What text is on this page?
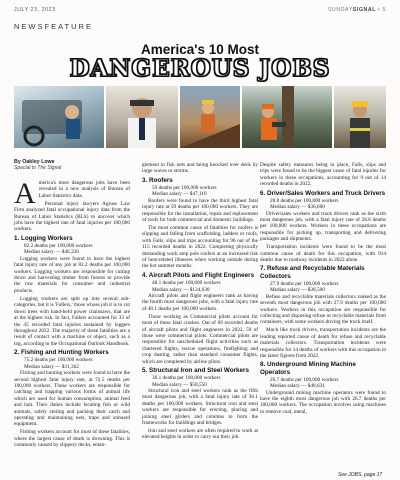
JULY 23, 2023	SUNDAYSIGNAL • 5
NEWSFEATURE
America's 10 Most
DANGEROUS JOBS
By Oakley Lowe
Special to The Signal

America's most dangerous jobs have been revealed in a new analysis of Bureau of Labor Statistics data.

Personal injury lawyers Agruss Law Firm analyzed fatal occupational injury data from the Bureau of Labor Statistics (BLS) to uncover which jobs have the highest rate of fatal injuries per 100,000 workers.

1. Logging Workers
82.2 deaths per 100,000 workers
Median salary — $46,330

Logging workers were found to have the highest fatal injury rate of any job at 82.2 deaths per 100,000 workers. Logging workers are responsible for cutting down and harvesting timber from forests to provide the raw materials for consumer and industrial products.

Logging workers are split up into several sub-categories, but it is 'Fallers,' those whose job it is to cut down trees with hand-held power chainsaws, that are at the highest risk. In fact, Fallers accounted for 33 of the 45 recorded fatal injuries sustained by loggers throughout 2022. The majority of these fatalities are a result of contact with a machine or object, such as a log, according to the Occupational Outlook Handbook.

2. Fishing and Hunting Workers
75.2 deaths per 100,000 workers
Median salary — $31,362

Fishing and hunting workers were found to have the second highest fatal injury rate, at 72.5 deaths per 100,000 workers. These workers are responsible for catching and trapping various forms of animal life which are used for human consumption, animal feed and bait. Their duties include locating fish or wild animals, safely storing and packing their catch and operating and maintaining nets, traps and onboard equipment.

Fishing workers account for most of these fatalities, where the largest cause of death is drowning. This is commonly caused by slippery decks, entan-

glement in fish nets and being knocked over deck by large waves or storms.

3. Roofers
59 deaths per 100,000 workers
Median salary — $47,110

Roofers were found to have the third highest fatal injury rate at 59 deaths per 100,000 workers. They are responsible for the installation, repair and replacement of roofs for both commercial and domestic buildings.

The most common cause of fatalities for roofers is slipping and falling from scaffolding, ladders or roofs, with Falls, slips and trips accounting for 96 out of the 115 recorded deaths in 2022. Completing physically demanding work atop pole roofers at an increased risk of heat-related illnesses when working outside during the hot summer months.

4. Aircraft Pilots and Flight Engineers
48.1 deaths per 100,000 workers
Median salary — $134,630

Aircraft pilots and flight engineers rank as having the fourth most dangerous jobs, with a fatal injury rate of 48.1 deaths per 100,000 workers.

Those working as Commercial pilots account for most of these fatal crashes. Out of 69 recorded deaths of aircraft pilots and flight engineers in 2022, 59 of those were commercial pilots. Commercial pilots are responsible for unscheduled flight activities such as chartered flights, rescue operations, firefighting and crop dusting, rather than standard consumer flights, which are completed by airline pilots.

5. Structural Iron and Steel Workers
36.1 deaths per 100,000 workers
Median salary — $58,550

Structural iron and steel workers rank as the fifth most dangerous job, with a fatal injury rate of 36.1 deaths per 100,000 workers. Structural iron and steel workers are responsible for erecting, placing and joining steel girders and columns to form the frameworks for buildings and bridges.

Iron and steel workers are often required to work at elevated heights in order to carry out their job.

Despite safety measures being in place, Falls, slips and trips were found to be the biggest cause of fatal injuries for workers in these occupations, accounting for 9 out of 14 recorded deaths in 2022.

6. Driver/Sales Workers and Truck Drivers
28.8 deaths per 100,000 workers
Median salary — $36,660

Driver/sales workers and truck drivers rank as the sixth most dangerous job, with a fatal injury rate of 28.8 deaths per 100,000 workers. Workers in these occupations are responsible for picking up, transporting and delivering packages and shipments.

Transportation incidents were found to be the most common cause of death for this occupation, with 914 deaths due to roadway incidents in 2022 alone.

7. Refuse and Recyclable Materials Collectors
27.9 deaths per 100,000 workers
Median salary — $38,500

Refuse and recyclable materials collectors ranked as the seventh most dangerous job with 27.9 deaths per 100,000 workers. Workers in this occupation are responsible for collecting and disposing refuse or recyclable materials from containers, with some workers driving the truck itself.

Much like truck drivers, transportation incidents are the leading reported cause of death for refuse and recyclable materials collectors. Transportation incidents were responsible for 14 deaths of workers with this occupation in the latest figures from 2022.

8. Underground Mining Machine Operators
26.7 deaths per 100,000 workers
Median salary — $48,631

Underground mining machine operators were found to have the eighth most dangerous job with 26.7 deaths per 100,000 workers. The occupation involves using machines to remove coal, metal,

See JOBS, page 17
